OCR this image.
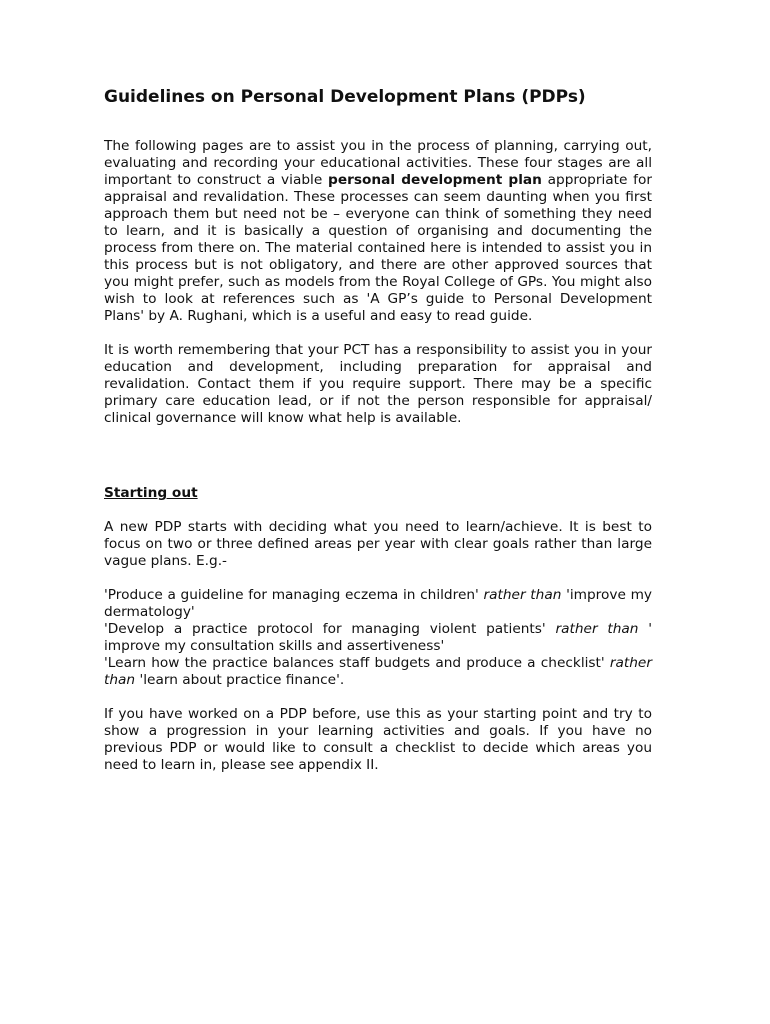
Guidelines on Personal Development Plans (PDPs)

The following pages are to assist you in the process of planning, carrying out, evaluating and recording your educational activities. These four stages are all important to construct a viable personal development plan appropriate for appraisal and revalidation. These processes can seem daunting when you first approach them but need not be – everyone can think of something they need to learn, and it is basically a question of organising and documenting the process from there on. The material contained here is intended to assist you in this process but is not obligatory, and there are other approved sources that you might prefer, such as models from the Royal College of GPs. You might also wish to look at references such as 'A GP’s guide to Personal Development Plans' by A. Rughani, which is a useful and easy to read guide.

It is worth remembering that your PCT has a responsibility to assist you in your education and development, including preparation for appraisal and revalidation. Contact them if you require support. There may be a specific primary care education lead, or if not the person responsible for appraisal/ clinical governance will know what help is available.

Starting out

A new PDP starts with deciding what you need to learn/achieve. It is best to focus on two or three defined areas per year with clear goals rather than large vague plans. E.g.-

'Produce a guideline for managing eczema in children' rather than 'improve my dermatology'

'Develop a practice protocol for managing violent patients' rather than ' improve my consultation skills and assertiveness'

'Learn how the practice balances staff budgets and produce a checklist' rather than 'learn about practice finance'.

If you have worked on a PDP before, use this as your starting point and try to show a progression in your learning activities and goals. If you have no previous PDP or would like to consult a checklist to decide which areas you need to learn in, please see appendix II.
